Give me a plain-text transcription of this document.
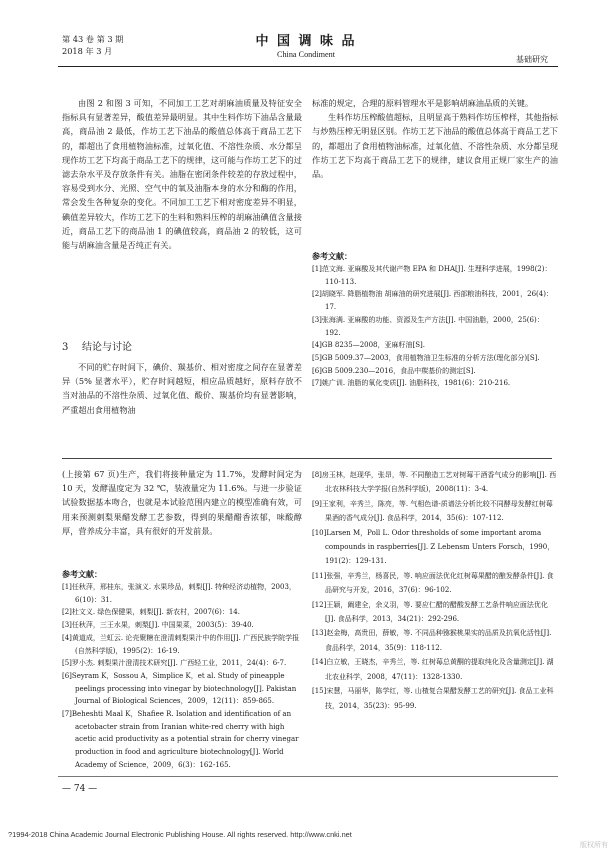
第 43 卷 第 3 期
2018 年 3 月
中 国 调 味 品
China Condiment
基础研究

由图 2 和图 3 可知，不同加工工艺对胡麻油质量及特征安全指标具有显著差异，酸值差异最明显。其中生料作坊下油品含量最高，商品油 2 最低，作坊工艺下油品的酸值总体高于商品工艺下的，都超出了食用植物油标准，过氧化值、不溶性杂质、水分都呈现作坊工艺下均高于商品工艺下的规律，这可能与作坊工艺下的过滤去杂水平及存放条件有关。油脂在密闭条件较差的存放过程中，容易受到水分、光照、空气中的氧及油脂本身的水分和酶的作用，常会发生各种复杂的变化。不同加工工艺下相对密度差异不明显，碘值差异较大，作坊工艺下的生料和熟料压榨的胡麻油碘值含量接近，商品工艺下的商品油 1 的碘值较高，商品油 2 的较低，这可能与胡麻油含量是否纯正有关。

3 结论与讨论

不同的贮存时间下，碘价、羰基价、相对密度之间存在显著差异（5% 显著水平），贮存时间越短，相应品质越好，原料存放不当对油品的不溶性杂质、过氧化值、酸价、羰基价均有显著影响，严重超出食用植物油

标准的规定，合理的原料管理水平是影响胡麻油品质的关键。

生料作坊压榨酸值超标，且明显高于熟料作坊压榨样，其他指标与炒熟压榨无明显区别。作坊工艺下油品的酸值总体高于商品工艺下的，都超出了食用植物油标准，过氧化值、不溶性杂质、水分都呈现作坊工艺下均高于商品工艺下的规律，建议食用正规厂家生产的油品。

参考文献：
[1]范文海. 亚麻酸及其代谢产物 EPA 和 DHA[J]. 生理科学进展，1998(2)：110-113.
[2]胡晓军. 降脂植物油 胡麻油的研究进展[J]. 西部粮油科技，2001，26(4)：17.
[3]张海满. 亚麻酸的功能、资源及生产方法[J]. 中国油脂，2000，25(6)：192.
[4]GB 8235—2008，亚麻籽油[S].
[5]GB 5009.37—2003，食用植物油卫生标准的分析方法(理化部分)[S].
[6]GB 5009.230—2016，食品中羰基价的测定[S].
[7]姚广训. 油脂的氧化变质[J]. 油脂科技，1981(6)：210-216.

(上接第 67 页)生产，我们将接种量定为 11.7%，发酵时间定为 10 天，发酵温度定为 32 ℃，装液量定为 11.6%。与进一步验证试验数据基本吻合，也就是本试验范围内建立的模型准确有效，可用来预测刺梨果醋发酵工艺参数，得到的果醋醋香浓郁，味酸醇厚，营养成分丰富，具有很好的开发前景。

参考文献：
[1]任秋萍，邢桂东，张演义. 水果珍品，刺梨[J]. 特种经济动植物，2003，6(10)：31.
[2]杜文义. 绿色保健果，刺梨[J]. 新农村，2007(6)：14.
[3]任秋萍，三王水果，刺梨[J]. 中国果菜，2003(5)：39-40.
[4]黄道成，兰虹云. 论壳聚糖在澄清刺梨果汁中的作用[J]. 广西民族学院学报(自然科学版)，1995(2)：16-19.
[5]罗小杰. 刺梨果汁澄清技术研究[J]. 广西轻工业，2011，24(4)：6-7.
[6]Seyram K，Sossou A，Simplice K，et al. Study of pineapple peelings processing into vinegar by biotechnology[J]. Pakistan Journal of Biological Sciences，2009，12(11)：859-865.
[7]Beheshti Maal K，Shafiee R. Isolation and identification of an acetobacter strain from Iranian white-red cherry with high acetic acid productivity as a potential strain for cherry vinegar production in food and agriculture biotechnology[J]. World Academy of Science，2009，6(3)：162-165.
[8]房玉林，赵现华，张昂，等. 不同酿造工艺对树莓干酒香气成分的影响[J]. 西北农林科技大学学报(自然科学版)，2008(11)：3-4.
[9]王家利，辛秀兰，陈亮，等. 气相色谱-质谱法分析比较不同酵母发酵红树莓果酒的香气成分[J]. 食品科学，2014，35(6)：107-112.
[10]Larsen M，Poll L. Odor thresholds of some important aroma compounds in raspberries[J]. Z Lebensm Unters Forsch，1990，191(2)：129-131.
[11]张强，辛秀兰，杨喜民，等. 响应面法优化红树莓果醋的酿发酵条件[J]. 食品研究与开发，2016，37(6)：96-102.
[12]王颖，阚建全，余义羽，等. 要应仁醋的醋酸发酵工艺条件响应面法优化[J]. 食品科学，2013，34(21)：292-296.
[13]赵金梅，高贵田，薛敏，等. 不同品种猕猴桃果实的品质及抗氧化活性[J]. 食品科学，2014，35(9)：118-112.
[14]白立敏，王晓杰，辛秀兰，等. 红树莓总黄酮的提取纯化及含量测定[J]. 湖北农业科学，2008，47(11)：1328-1330.
[15]宋慧，马丽华，陈学红，等. 山楂复合果醋发酵工艺的研究[J]. 食品工业科技，2014，35(23)：95-99.
— 74 —
?1994-2018 China Academic Journal Electronic Publishing House. All rights reserved. http://www.cnki.net
版权所有
